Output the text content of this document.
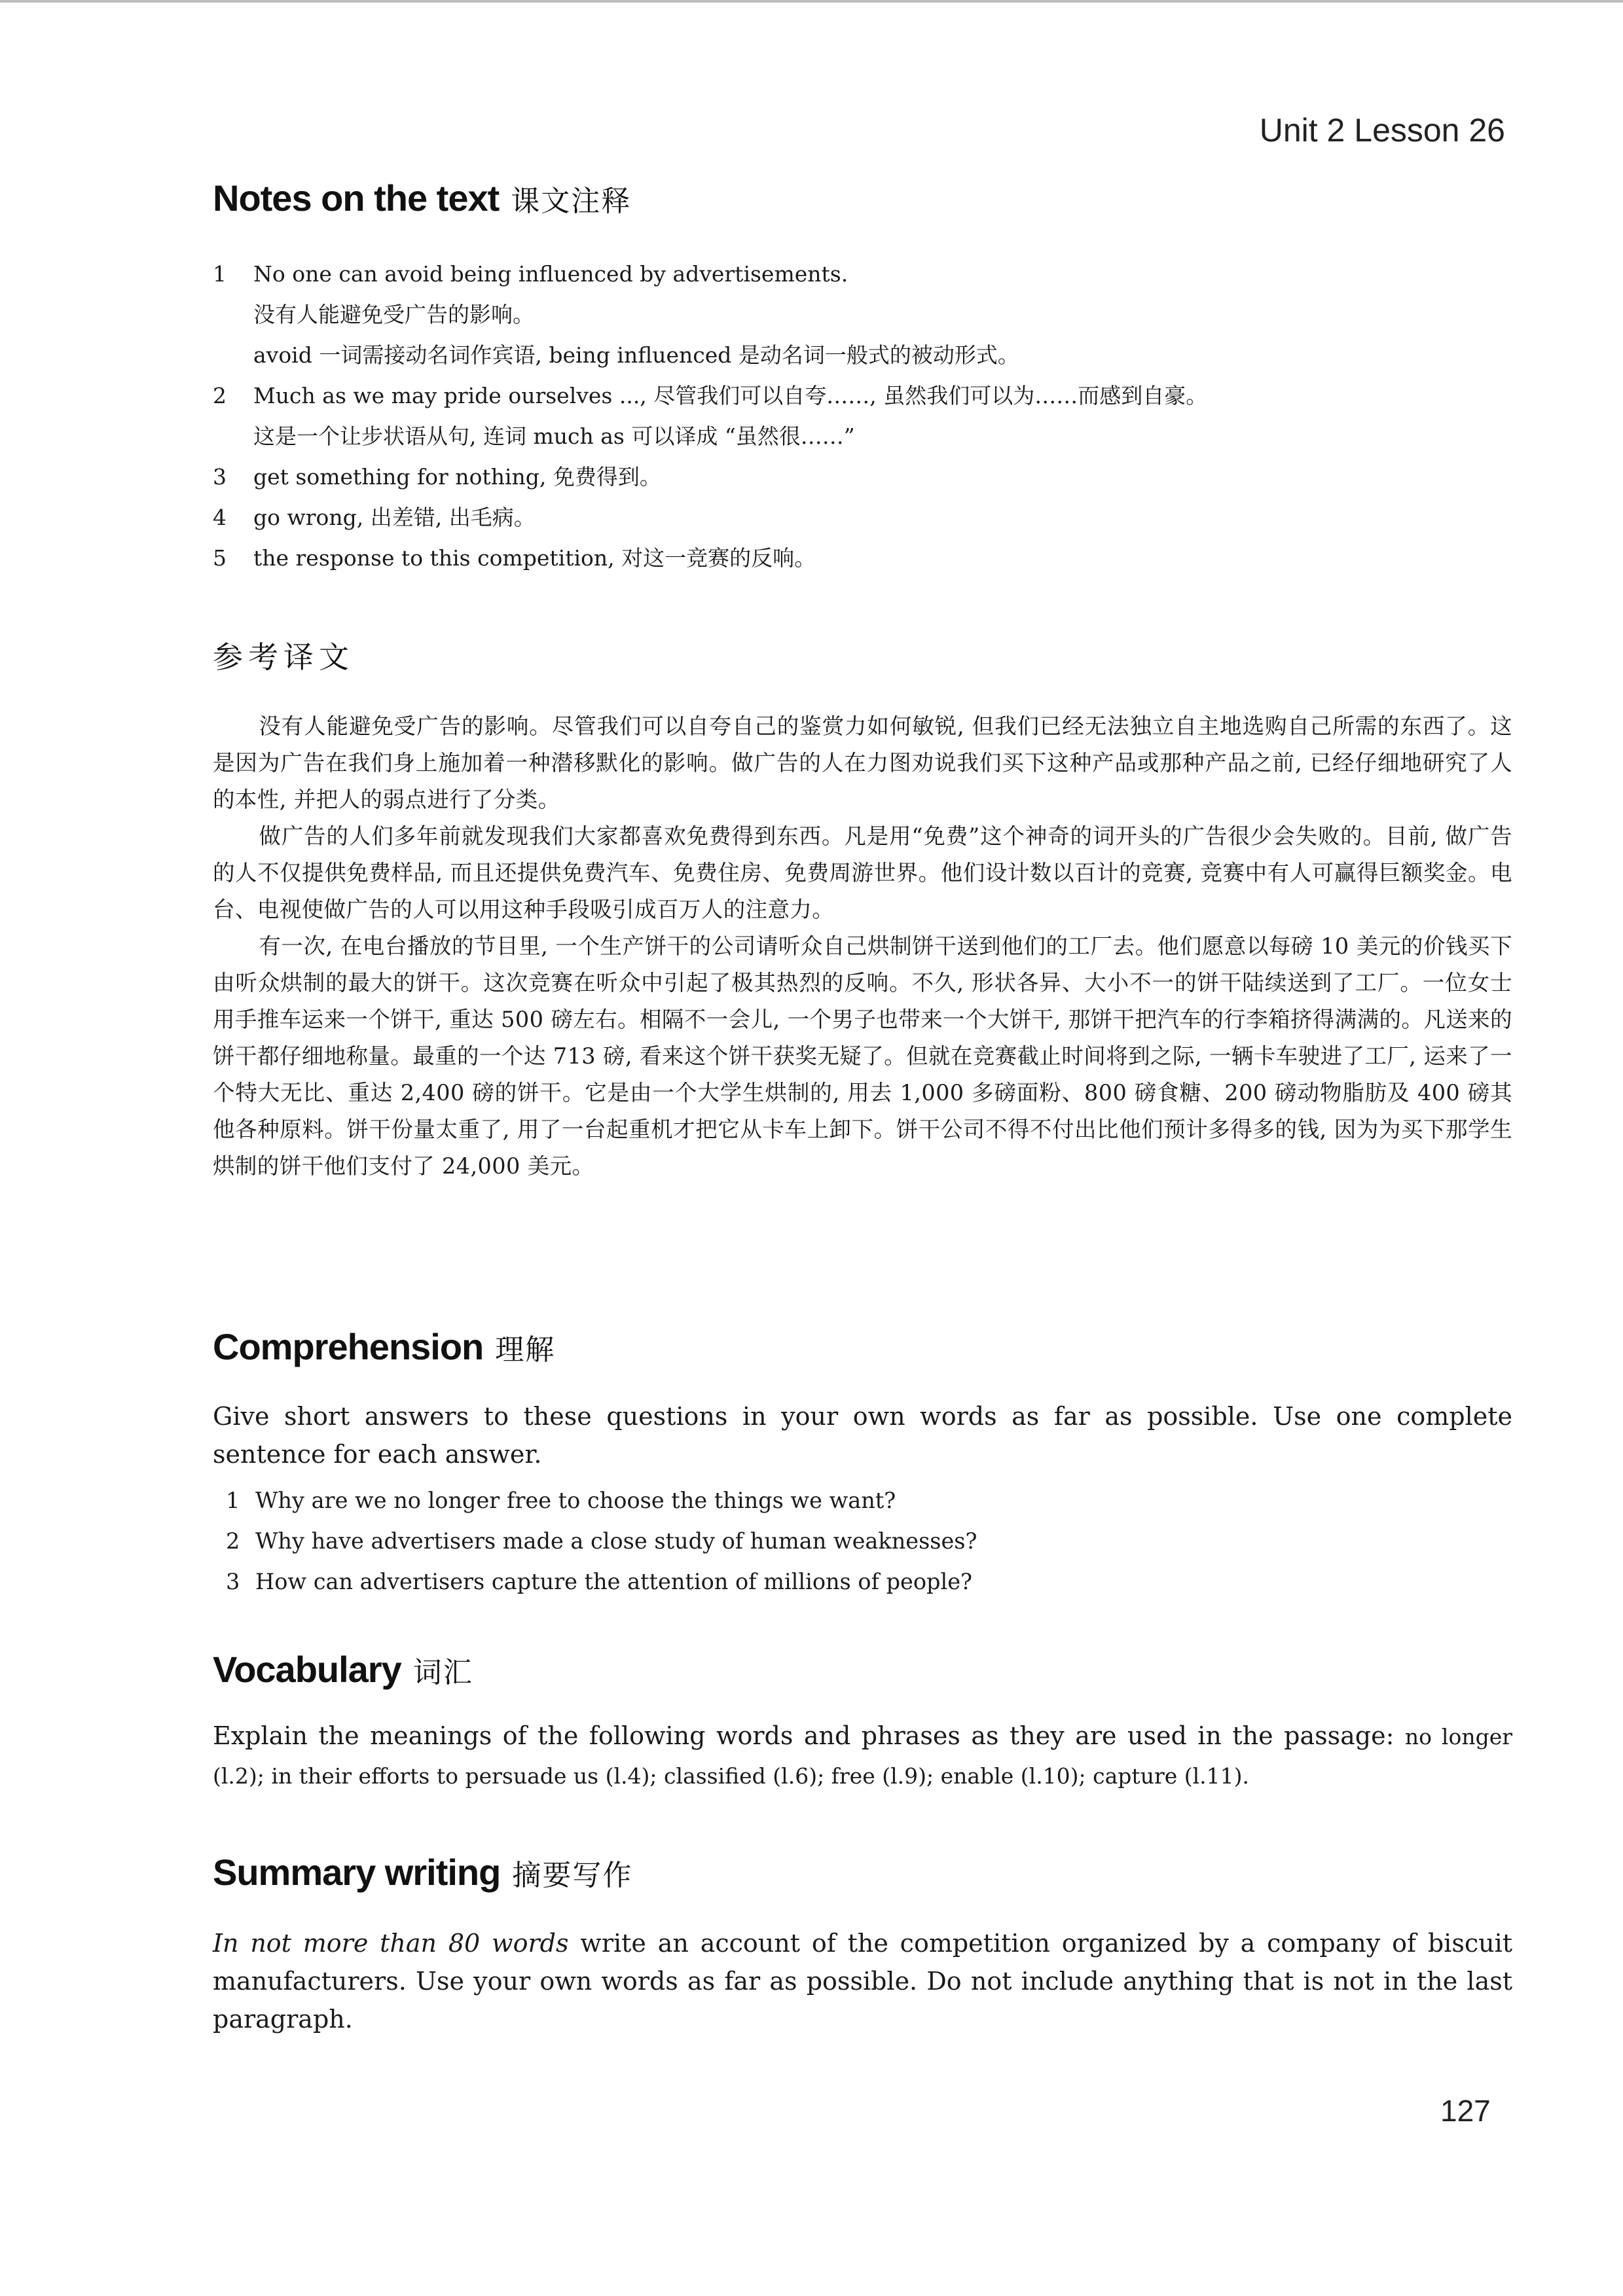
Unit 2 Lesson 26
Notes on the text 课文注释
1	No one can avoid being influenced by advertisements.
没有人能避免受广告的影响。
avoid 一词需接动名词作宾语, being influenced 是动名词一般式的被动形式。
2	Much as we may pride ourselves ..., 尽管我们可以自夸……, 虽然我们可以为……而感到自豪。
这是一个让步状语从句, 连词 much as 可以译成 “虽然很……”
3	get something for nothing, 免费得到。
4	go wrong, 出差错, 出毛病。
5	the response to this competition, 对这一竞赛的反响。
参考译文

没有人能避免受广告的影响。尽管我们可以自夸自己的鉴赏力如何敏锐, 但我们已经无法独立自主地选购自己所需的东西了。这是因为广告在我们身上施加着一种潜移默化的影响。做广告的人在力图劝说我们买下这种产品或那种产品之前, 已经仔细地研究了人的本性, 并把人的弱点进行了分类。

做广告的人们多年前就发现我们大家都喜欢免费得到东西。凡是用“免费”这个神奇的词开头的广告很少会失败的。目前, 做广告的人不仅提供免费样品, 而且还提供免费汽车、免费住房、免费周游世界。他们设计数以百计的竞赛, 竞赛中有人可赢得巨额奖金。电台、电视使做广告的人可以用这种手段吸引成百万人的注意力。

有一次, 在电台播放的节目里, 一个生产饼干的公司请听众自己烘制饼干送到他们的工厂去。他们愿意以每磅 10 美元的价钱买下由听众烘制的最大的饼干。这次竞赛在听众中引起了极其热烈的反响。不久, 形状各异、大小不一的饼干陆续送到了工厂。一位女士用手推车运来一个饼干, 重达 500 磅左右。相隔不一会儿, 一个男子也带来一个大饼干, 那饼干把汽车的行李箱挤得满满的。凡送来的饼干都仔细地称量。最重的一个达 713 磅, 看来这个饼干获奖无疑了。但就在竞赛截止时间将到之际, 一辆卡车驶进了工厂, 运来了一个特大无比、重达 2,400 磅的饼干。它是由一个大学生烘制的, 用去 1,000 多磅面粉、800 磅食糖、200 磅动物脂肪及 400 磅其他各种原料。饼干份量太重了, 用了一台起重机才把它从卡车上卸下。饼干公司不得不付出比他们预计多得多的钱, 因为为买下那学生烘制的饼干他们支付了 24,000 美元。

Comprehension 理解
Give short answers to these questions in your own words as far as possible. Use one complete sentence for each answer.
1 Why are we no longer free to choose the things we want?
2 Why have advertisers made a close study of human weaknesses?
3 How can advertisers capture the attention of millions of people?
Vocabulary 词汇
Explain the meanings of the following words and phrases as they are used in the passage: no longer (l.2); in their efforts to persuade us (l.4); classified (l.6); free (l.9); enable (l.10); capture (l.11).
Summary writing 摘要写作
In not more than 80 words write an account of the competition organized by a company of biscuit manufacturers. Use your own words as far as possible. Do not include anything that is not in the last paragraph.
127
